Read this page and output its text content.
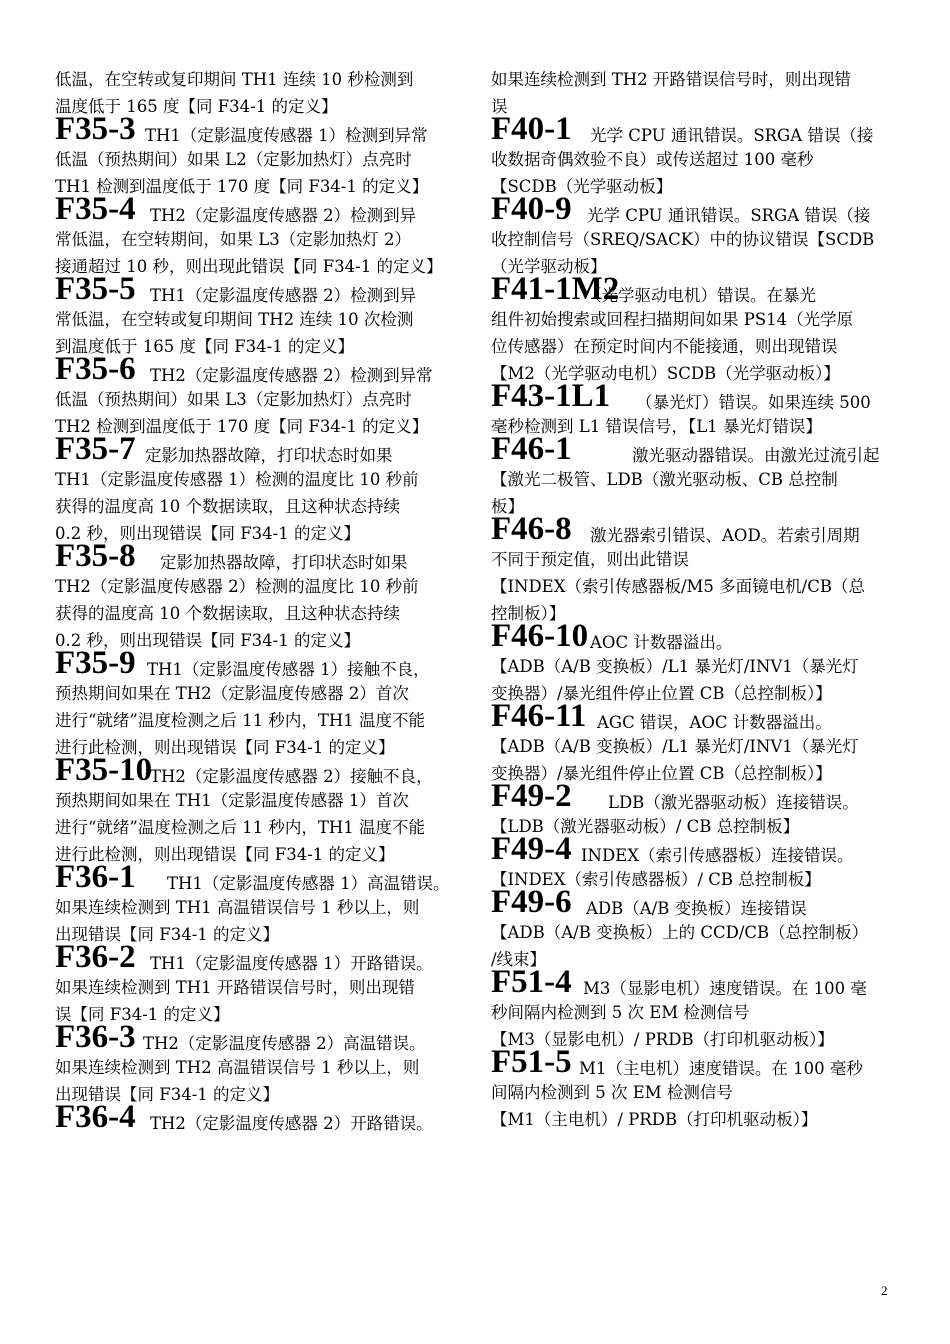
低温，在空转或复印期间 TH1 连续 10 秒检测到
温度低于 165 度【同 F34-1 的定义】
F35-3 TH1（定影温度传感器 1）检测到异常
低温（预热期间）如果 L2（定影加热灯）点亮时
TH1 检测到温度低于 170 度【同 F34-1 的定义】
F35-4 TH2（定影温度传感器 2）检测到异
常低温，在空转期间，如果 L3（定影加热灯 2）
接通超过 10 秒，则出现此错误【同 F34-1 的定义】
F35-5 TH1（定影温度传感器 2）检测到异
常低温，在空转或复印期间 TH2 连续 10 次检测
到温度低于 165 度【同 F34-1 的定义】
F35-6 TH2（定影温度传感器 2）检测到异常
低温（预热期间）如果 L3（定影加热灯）点亮时
TH2 检测到温度低于 170 度【同 F34-1 的定义】
F35-7 定影加热器故障，打印状态时如果
TH1（定影温度传感器 1）检测的温度比 10 秒前
获得的温度高 10 个数据读取，且这种状态持续
0.2 秒，则出现错误【同 F34-1 的定义】
F35-8 定影加热器故障，打印状态时如果
TH2（定影温度传感器 2）检测的温度比 10 秒前
获得的温度高 10 个数据读取，且这种状态持续
0.2 秒，则出现错误【同 F34-1 的定义】
F35-9 TH1（定影温度传感器 1）接触不良，
预热期间如果在 TH2（定影温度传感器 2）首次
进行“就绪”温度检测之后 11 秒内，TH1 温度不能
进行此检测，则出现错误【同 F34-1 的定义】
F35-10
TH2（定影温度传感器 2）接触不良，
预热期间如果在 TH1（定影温度传感器 1）首次
进行“就绪”温度检测之后 11 秒内，TH1 温度不能
进行此检测，则出现错误【同 F34-1 的定义】
F36-1 TH1（定影温度传感器 1）高温错误。
如果连续检测到 TH1 高温错误信号 1 秒以上，则
出现错误【同 F34-1 的定义】
F36-2 TH1（定影温度传感器 1）开路错误。
如果连续检测到 TH1 开路错误信号时，则出现错
误【同 F34-1 的定义】
F36-3 TH2（定影温度传感器 2）高温错误。
如果连续检测到 TH2 高温错误信号 1 秒以上，则
出现错误【同 F34-1 的定义】
F36-4 TH2（定影温度传感器 2）开路错误。
如果连续检测到 TH2 开路错误信号时，则出现错
误
F40-1 光学 CPU 通讯错误。SRGA 错误（接
收数据奇偶效验不良）或传送超过 100 毫秒
【SCDB（光学驱动板】
F40-9 光学 CPU 通讯错误。SRGA 错误（接
收控制信号（SREQ/SACK）中的协议错误【SCDB
（光学驱动板】
F41-1M2
（光学驱动电机）错误。在暴光
组件初始搜索或回程扫描期间如果 PS14（光学原
位传感器）在预定时间内不能接通，则出现错误
【M2（光学驱动电机）SCDB（光学驱动板）】
F43-1L1 （暴光灯）错误。如果连续 500
毫秒检测到 L1 错误信号，【L1 暴光灯错误】
F46-1	激光驱动器错误。由激光过流引起
【激光二极管、LDB（激光驱动板、CB 总控制
板】
F46-8 激光器索引错误、AOD。若索引周期
不同于预定值，则出此错误
【INDEX（索引传感器板/M5 多面镜电机/CB（总
控制板）】
F46-10 AOC 计数器溢出。
【ADB（A/B 变换板）/L1 暴光灯/INV1（暴光灯
变换器）/暴光组件停止位置 CB（总控制板）】
F46-11 AGC 错误，AOC 计数器溢出。
【ADB（A/B 变换板）/L1 暴光灯/INV1（暴光灯
变换器）/暴光组件停止位置 CB（总控制板）】
F49-2 LDB（激光器驱动板）连接错误。
【LDB（激光器驱动板）/ CB 总控制板】
F49-4 INDEX（索引传感器板）连接错误。
【INDEX（索引传感器板）/ CB 总控制板】
F49-6 ADB（A/B 变换板）连接错误
【ADB（A/B 变换板）上的 CCD/CB（总控制板）
/线束】
F51-4 M3（显影电机）速度错误。在 100 毫
秒间隔内检测到 5 次 EM 检测信号
【M3（显影电机）/ PRDB（打印机驱动板）】
F51-5 M1（主电机）速度错误。在 100 毫秒
间隔内检测到 5 次 EM 检测信号
【M1（主电机）/ PRDB（打印机驱动板）】
2
